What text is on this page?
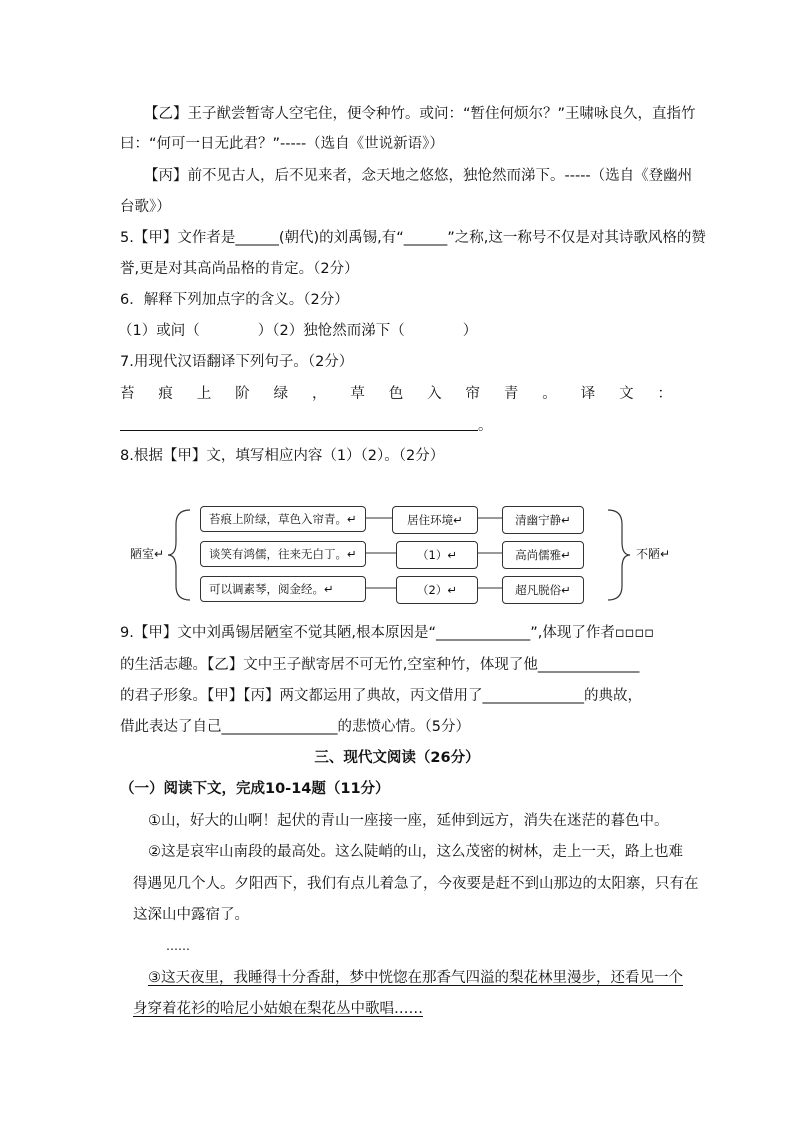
【乙】王子猷尝暂寄人空宅住，便令种竹。或问：“暂住何烦尔？”王啸咏良久，直指竹
曰：“何可一日无此君？”-----（选自《世说新语》）
【丙】前不见古人，后不见来者，念天地之悠悠，独怆然而涕下。-----（选自《登幽州
台歌》）
5.【甲】文作者是______(朝代)的刘禹锡,有“______”之称,这一称号不仅是对其诗歌风格的赞
誉,更是对其高尚品格的肯定。（2分）
6．解释下列加点字的含义。（2分）
（1）或问（　　　　）（2）独怆然而涕下（　　　　）
7.用现代汉语翻译下列句子。（2分）
苔 痕 上 阶 绿 ， 草 色 入 帘 青 。 译 文 ：
。
8.根据【甲】文，填写相应内容（1）（2）。（2分）
陋室↵	不陋↵
苔痕上阶绿，草色入帘青。↵
谈笑有鸿儒，往来无白丁。↵
可以调素琴，阅金经。↵
居住环境↵
（1）↵
（2）↵
清幽宁静↵
高尚儒雅↵
超凡脱俗↵
9.【甲】文中刘禹锡居陋室不觉其陋,根本原因是“_____________”,体现了作者▫▫▫▫
的生活志趣。【乙】文中王子猷寄居不可无竹,空室种竹，体现了他______________
的君子形象。【甲】【丙】两文都运用了典故，丙文借用了______________的典故，
借此表达了自己________________的悲愤心情。（5分）
三、现代文阅读（26分）
（一）阅读下文，完成10-14题（11分）
①山，好大的山啊！起伏的青山一座接一座，延伸到远方，消失在迷茫的暮色中。
②这是哀牢山南段的最高处。这么陡峭的山，这么茂密的树林，走上一天，路上也难
得遇见几个人。夕阳西下，我们有点儿着急了，今夜要是赶不到山那边的太阳寨，只有在
这深山中露宿了。
……
③这天夜里，我睡得十分香甜，梦中恍惚在那香气四溢的梨花林里漫步，还看见一个
身穿着花衫的哈尼小姑娘在梨花丛中歌唱……
